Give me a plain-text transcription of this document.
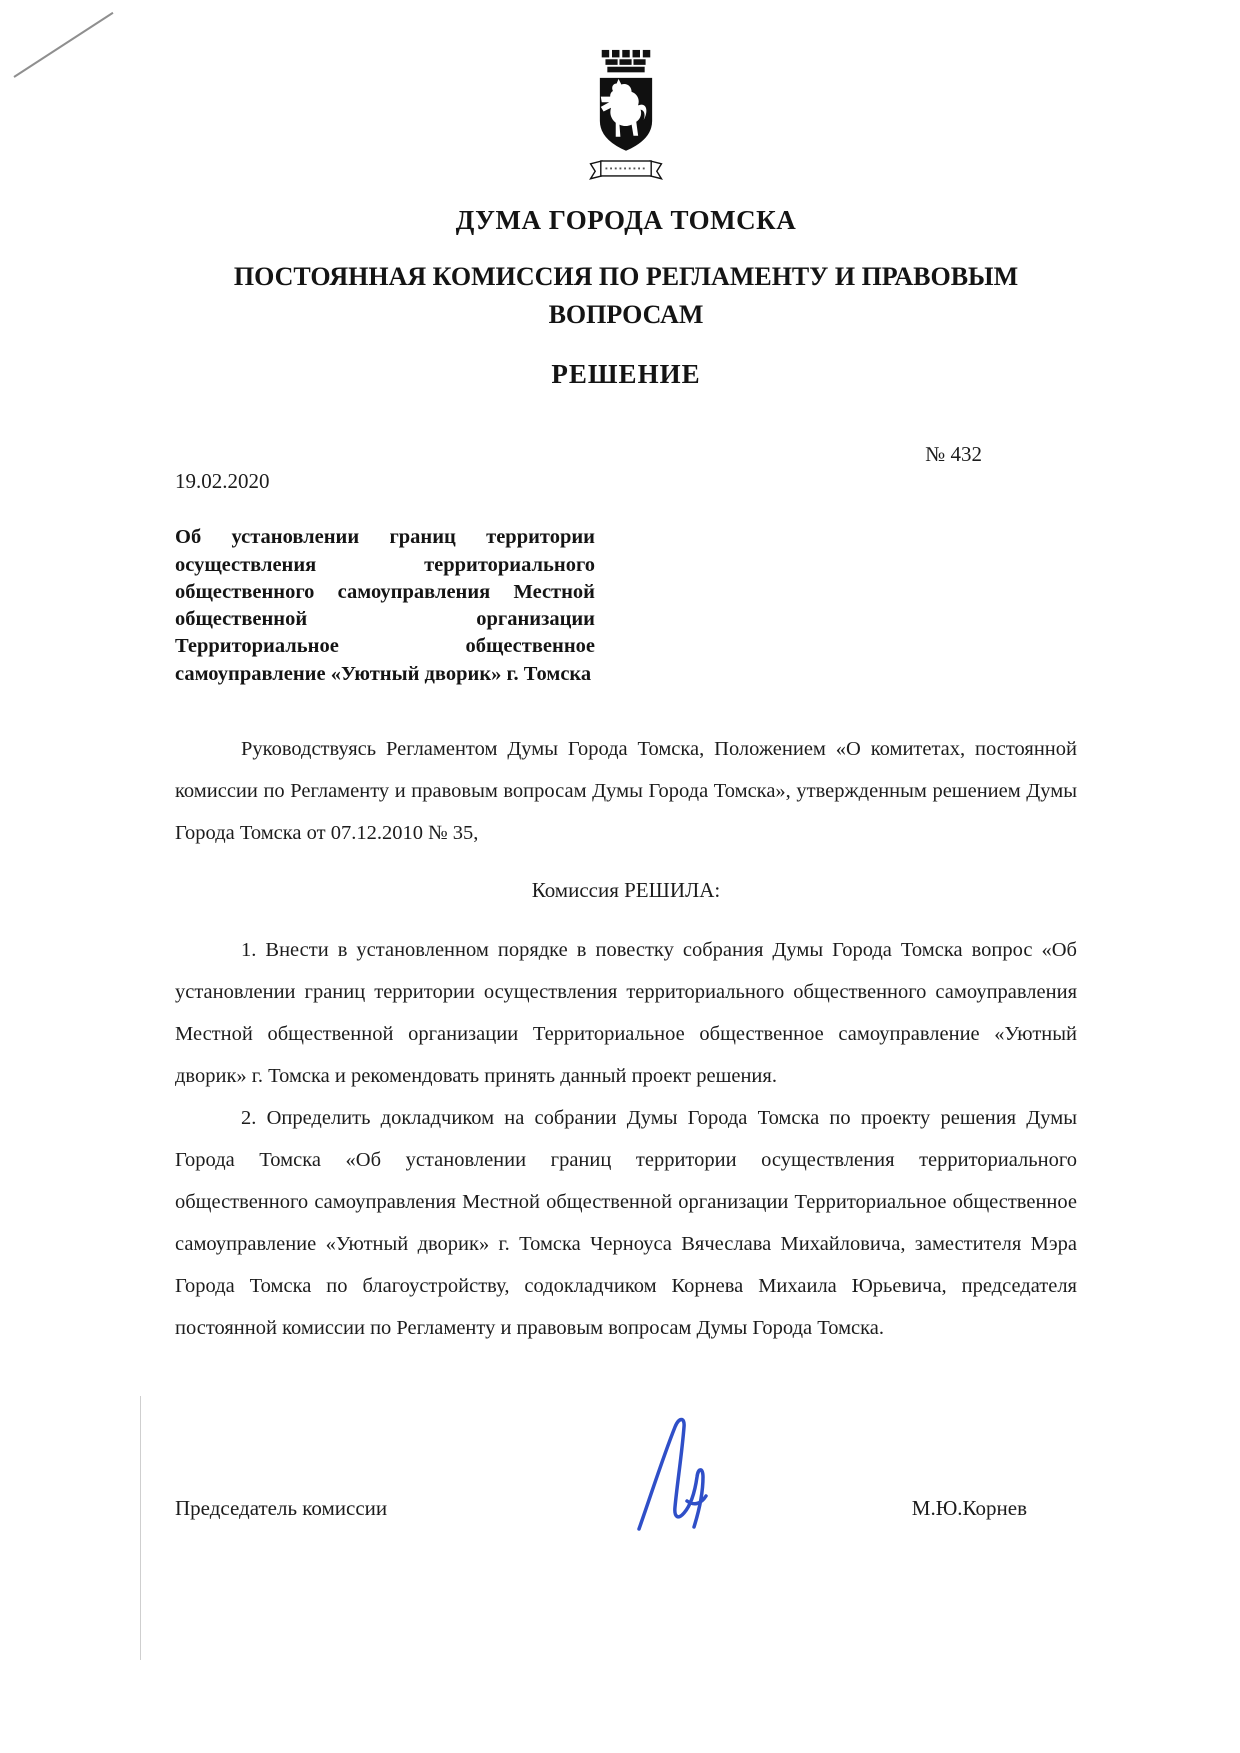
ДУМА ГОРОДА ТОМСКА
ПОСТОЯННАЯ КОМИССИЯ ПО РЕГЛАМЕНТУ И ПРАВОВЫМ ВОПРОСАМ
РЕШЕНИЕ
№ 432
19.02.2020
Об установлении границ территории осуществления территориального общественного самоуправления Местной общественной организации Территориальное общественное самоуправление «Уютный дворик» г. Томска

Руководствуясь Регламентом Думы Города Томска, Положением «О комитетах, постоянной комиссии по Регламенту и правовым вопросам Думы Города Томска», утвержденным решением Думы Города Томска от 07.12.2010 № 35,

Комиссия РЕШИЛА:

1. Внести в установленном порядке в повестку собрания Думы Города Томска вопрос «Об установлении границ территории осуществления территориального общественного самоуправления Местной общественной организации Территориальное общественное самоуправление «Уютный дворик» г. Томска и рекомендовать принять данный проект решения.

2. Определить докладчиком на собрании Думы Города Томска по проекту решения Думы Города Томска «Об установлении границ территории осуществления территориального общественного самоуправления Местной общественной организации Территориальное общественное самоуправление «Уютный дворик» г. Томска Черноуса Вячеслава Михайловича, заместителя Мэра Города Томска по благоустройству, содокладчиком Корнева Михаила Юрьевича, председателя постоянной комиссии по Регламенту и правовым вопросам Думы Города Томска.

Председатель комиссии	М.Ю.Корнев
